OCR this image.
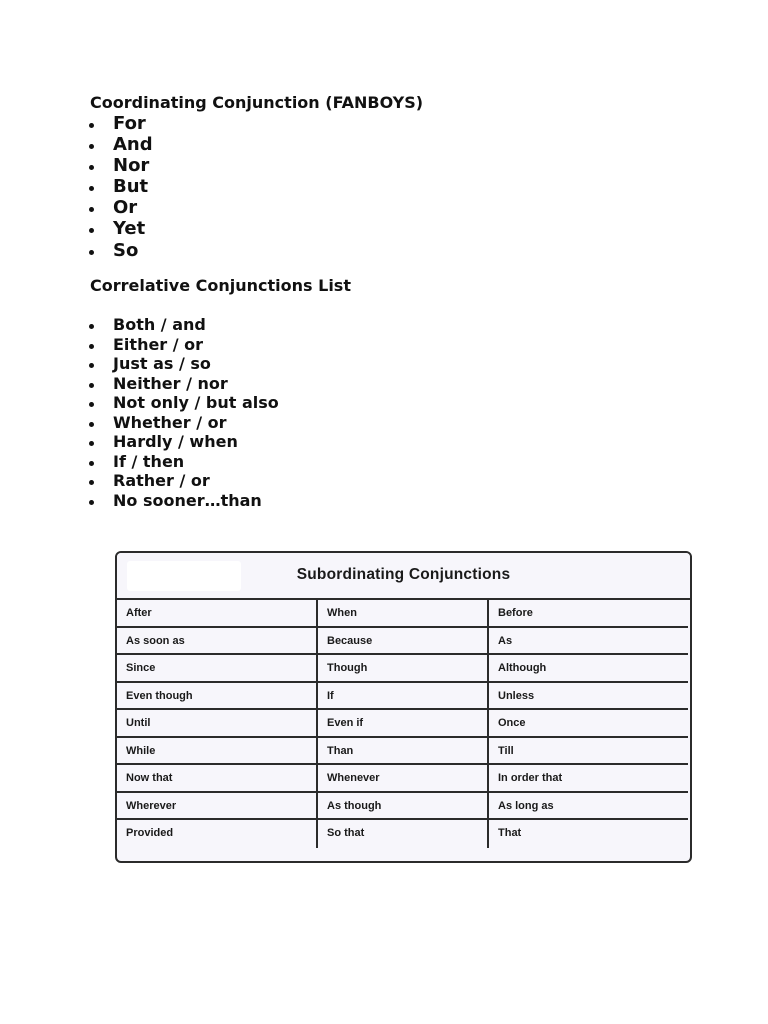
Coordinating Conjunction (FANBOYS)
For
And
Nor
But
Or
Yet
So
Correlative Conjunctions List
Both / and
Either / or
Just as / so
Neither / nor
Not only / but also
Whether / or
Hardly / when
If / then
Rather / or
No sooner…than
Subordinating Conjunctions
After	When	Before
As soon as	Because	As
Since	Though	Although
Even though	If	Unless
Until	Even if	Once
While	Than	Till
Now that	Whenever	In order that
Wherever	As though	As long as
Provided	So that	That
